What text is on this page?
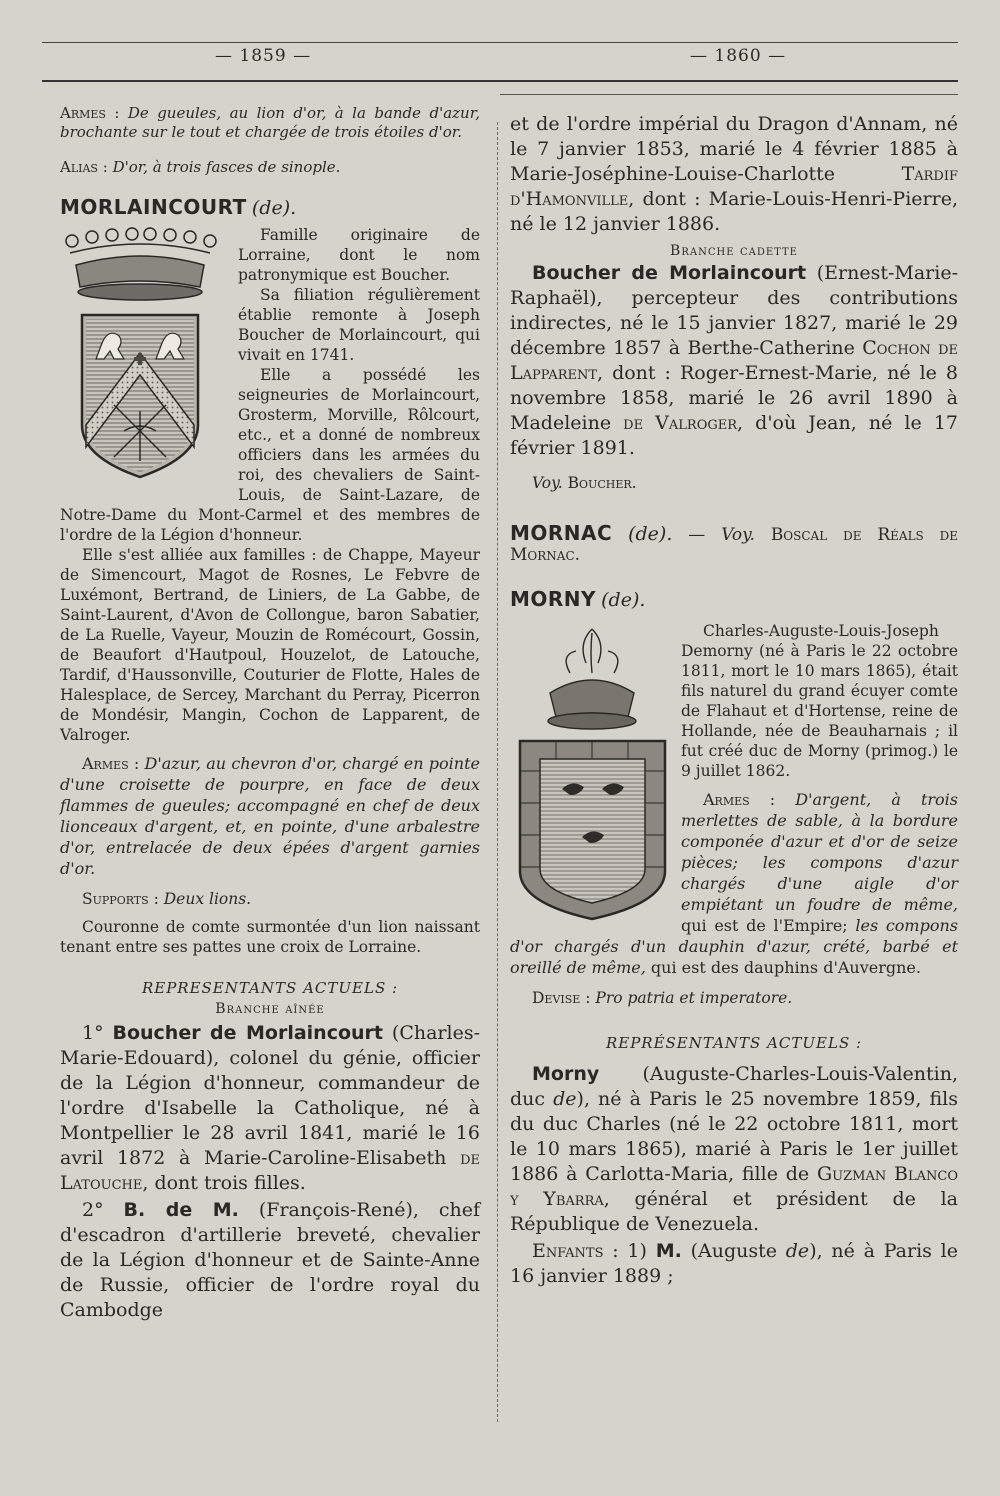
— 1859 —	— 1860 —

Armes : De gueules, au lion d'or, à la bande d'azur, brochante sur le tout et chargée de trois étoiles d'or.

Alias : D'or, à trois fasces de sinople.

MORLAINCOURT (de).

Famille originaire de Lorraine, dont le nom patronymique est Boucher.

Sa filiation régulièrement établie remonte à Joseph Boucher de Morlaincourt, qui vivait en 1741.

Elle a possédé les seigneuries de Morlaincourt, Grosterm, Morville, Rôlcourt, etc., et a donné de nombreux officiers dans les armées du roi, des chevaliers de Saint-Louis, de Saint-Lazare, de Notre-Dame du Mont-Carmel et des membres de l'ordre de la Légion d'honneur.

Elle s'est alliée aux familles : de Chappe, Mayeur de Simencourt, Magot de Rosnes, Le Febvre de Luxémont, Bertrand, de Liniers, de La Gabbe, de Saint-Laurent, d'Avon de Collongue, baron Sabatier, de La Ruelle, Vayeur, Mouzin de Romécourt, Gossin, de Beaufort d'Hautpoul, Houzelot, de Latouche, Tardif, d'Haussonville, Couturier de Flotte, Hales de Halesplace, de Sercey, Marchant du Perray, Picerron de Mondésir, Mangin, Cochon de Lapparent, de Valroger.

Armes : D'azur, au chevron d'or, chargé en pointe d'une croisette de pourpre, en face de deux flammes de gueules; accompagné en chef de deux lionceaux d'argent, et, en pointe, d'une arbalestre d'or, entrelacée de deux épées d'argent garnies d'or.

Supports : Deux lions.

Couronne de comte surmontée d'un lion naissant tenant entre ses pattes une croix de Lorraine.

REPRESENTANTS ACTUELS :

Branche aînée

1° Boucher de Morlaincourt (Charles-Marie-Edouard), colonel du génie, officier de la Légion d'honneur, commandeur de l'ordre d'Isabelle la Catholique, né à Montpellier le 28 avril 1841, marié le 16 avril 1872 à Marie-Caroline-Elisabeth de Latouche, dont trois filles.

2° B. de M. (François-René), chef d'escadron d'artillerie breveté, chevalier de la Légion d'honneur et de Sainte-Anne de Russie, officier de l'ordre royal du Cambodge

et de l'ordre impérial du Dragon d'Annam, né le 7 janvier 1853, marié le 4 février 1885 à Marie-Joséphine-Louise-Charlotte	Tardif d'Hamonville, dont : Marie-Louis-Henri-Pierre, né le 12 janvier 1886.

Branche cadette

Boucher de Morlaincourt (Ernest-Marie-Raphaël), percepteur des contributions indirectes, né le 15 janvier 1827, marié le 29 décembre 1857 à Berthe-Catherine Cochon de Lapparent, dont : Roger-Ernest-Marie, né le 8 novembre 1858, marié le 26 avril 1890 à Madeleine de Valroger, d'où Jean, né le 17 février 1891.

Voy. Boucher.

MORNAC (de). — Voy. Boscal de Réals de Mornac.

MORNY (de).

Charles-Auguste-Louis-Joseph Demorny (né à Paris le 22 octobre 1811, mort le 10 mars 1865), était fils naturel du grand écuyer comte de Flahaut et d'Hortense, reine de Hollande, née de Beauharnais ; il fut créé duc de Morny (primog.) le 9 juillet 1862.

Armes : D'argent, à trois merlettes de sable, à la bordure componée d'azur et d'or de seize pièces; les compons d'azur chargés d'une aigle d'or empiétant un foudre de même, qui est de l'Empire; les compons d'or chargés d'un dauphin d'azur, crété, barbé et oreillé de même, qui est des dauphins d'Auvergne.

Devise : Pro patria et imperatore.

REPRÉSENTANTS ACTUELS :

Morny (Auguste-Charles-Louis-Valentin, duc de), né à Paris le 25 novembre 1859, fils du duc Charles (né le 22 octobre 1811, mort le 10 mars 1865), marié à Paris le 1er juillet 1886 à Carlotta-Maria, fille de Guzman Blanco y Ybarra, général et président de la République de Venezuela.

Enfants : 1) M. (Auguste de), né à Paris le 16 janvier 1889 ;
